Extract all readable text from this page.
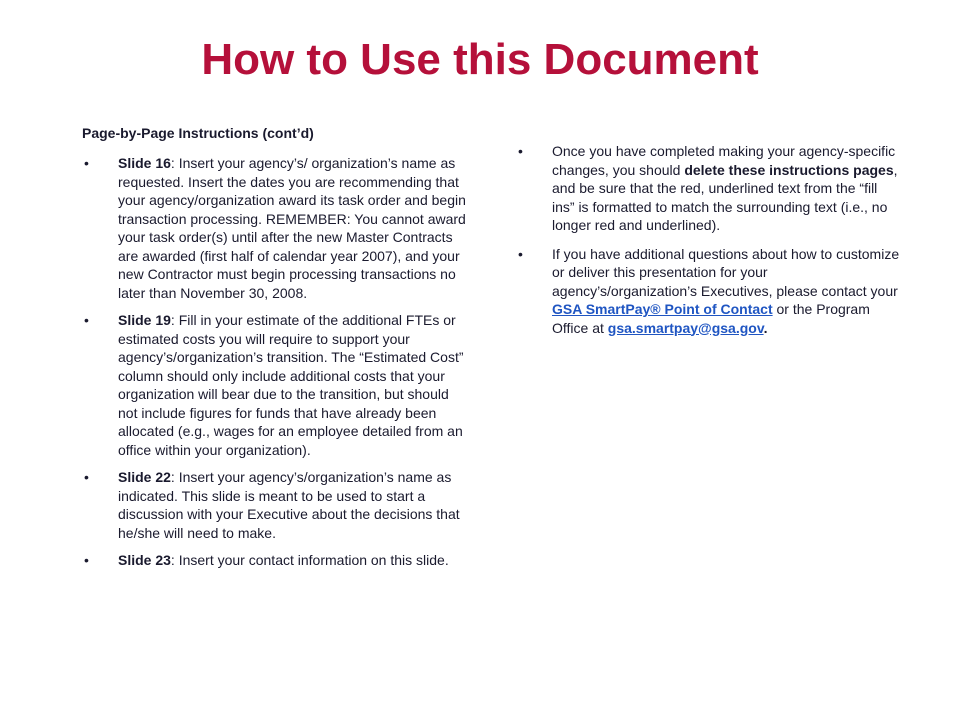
How to Use this Document

Page-by-Page Instructions (cont’d)

• Slide 16: Insert your agency’s/ organization’s name as requested. Insert the dates you are recommending that your agency/organization award its task order and begin transaction processing. REMEMBER: You cannot award your task order(s) until after the new Master Contracts are awarded (first half of calendar year 2007), and your new Contractor must begin processing transactions no later than November 30, 2008.
• Slide 19: Fill in your estimate of the additional FTEs or estimated costs you will require to support your agency’s/organization’s transition. The “Estimated Cost” column should only include additional costs that your organization will bear due to the transition, but should not include figures for funds that have already been allocated (e.g., wages for an employee detailed from an office within your organization).
• Slide 22: Insert your agency’s/organization’s name as indicated. This slide is meant to be used to start a discussion with your Executive about the decisions that he/she will need to make.
• Slide 23: Insert your contact information on this slide.
• Once you have completed making your agency-specific changes, you should delete these instructions pages, and be sure that the red, underlined text from the “fill ins” is formatted to match the surrounding text (i.e., no longer red and underlined).
• If you have additional questions about how to customize or deliver this presentation for your agency’s/organization’s Executives, please contact your GSA SmartPay® Point of Contact or the Program Office at gsa.smartpay@gsa.gov.
